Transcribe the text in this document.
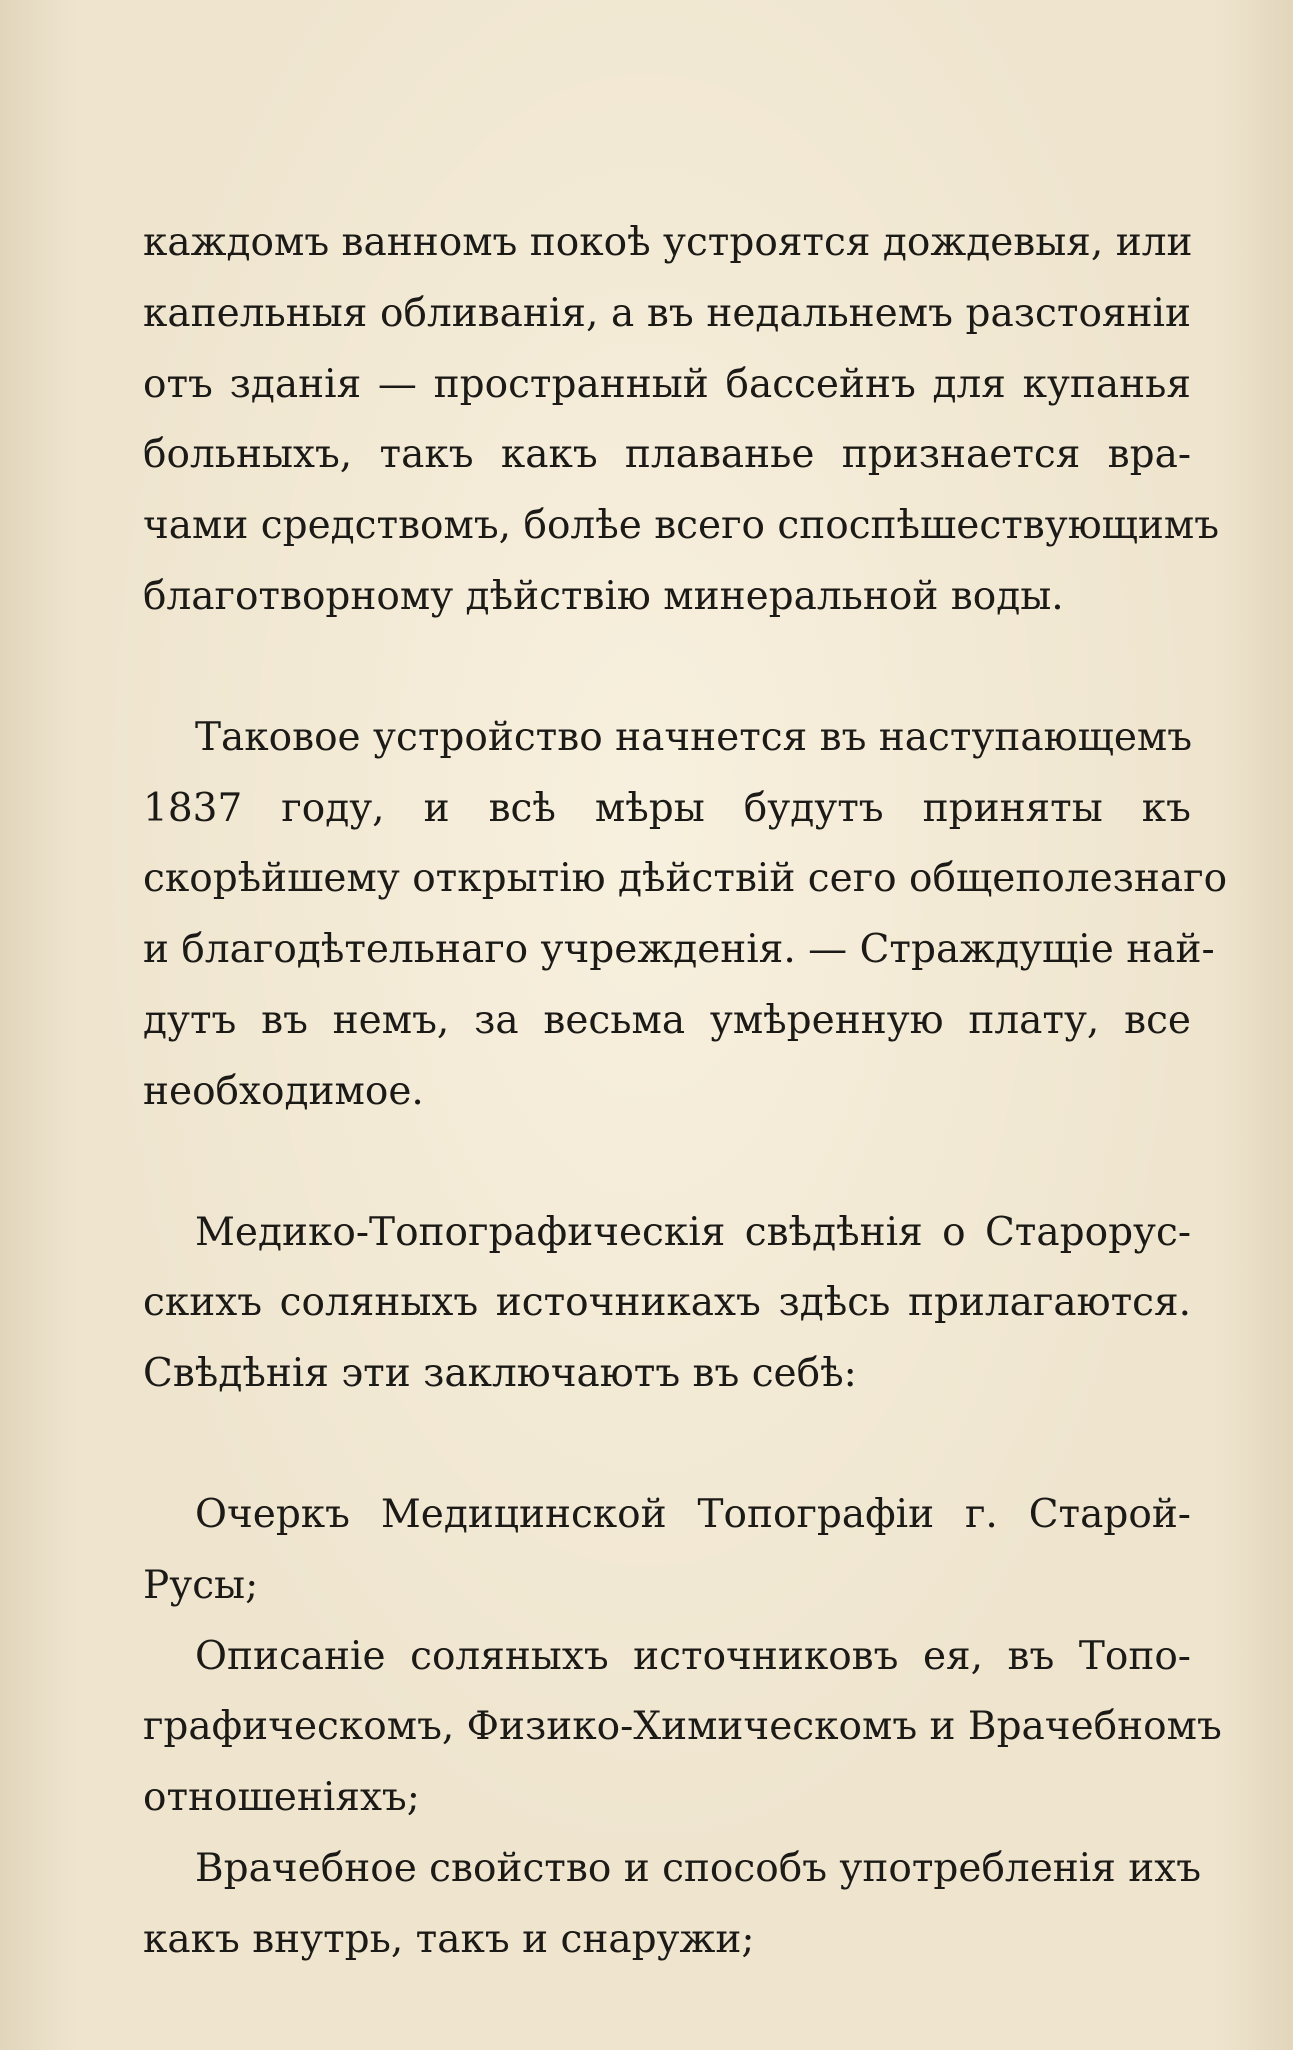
каждомъ ванномъ покоѣ устроятся дождевыя, или
капельныя обливанія, а въ недальнемъ разстояніи
отъ зданія — пространный бассейнъ для купанья
больныхъ, такъ какъ плаванье признается вра-
чами средствомъ, болѣе всего споспѣшествующимъ
благотворному дѣйствію минеральной воды.

Таковое устройство начнется въ наступающемъ
1837 году, и всѣ мѣры будутъ приняты къ
скорѣйшему открытію дѣйствій сего общеполезнаго
и благодѣтельнаго учрежденія. — Страждущіе най-
дутъ въ немъ, за весьма умѣренную плату, все
необходимое.

Медико-Топографическія свѣдѣнія о Старорус-
скихъ соляныхъ источникахъ здѣсь прилагаются.
Свѣдѣнія эти заключаютъ въ себѣ:

Очеркъ Медицинской Топографіи г. Старой-
Русы;

Описаніе соляныхъ источниковъ ея, въ Топо-
графическомъ, Физико-Химическомъ и Врачебномъ
отношеніяхъ;

Врачебное свойство и способъ употребленія ихъ
какъ внутрь, такъ и снаружи;
